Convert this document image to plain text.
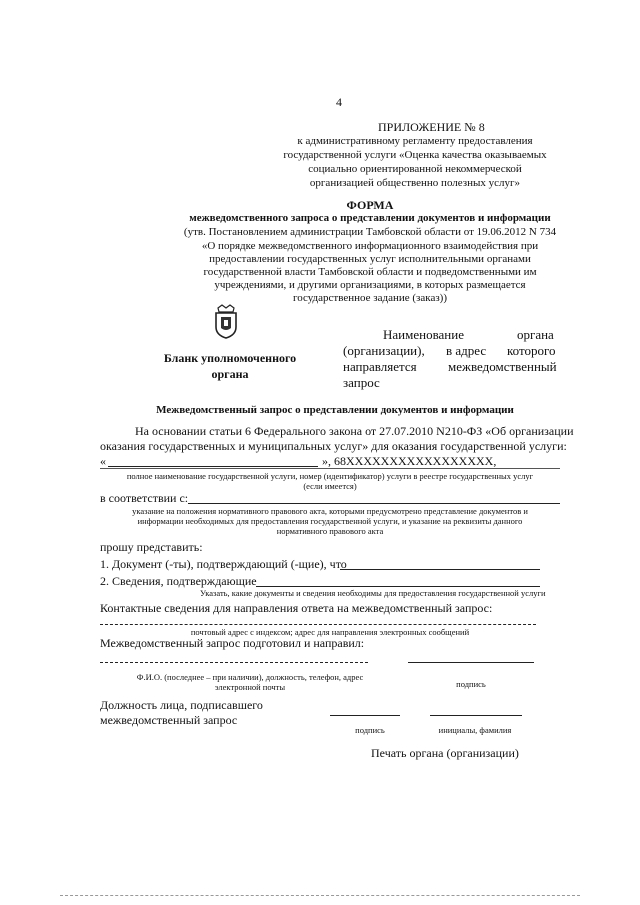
4
ПРИЛОЖЕНИЕ № 8
к административному регламенту предоставления
государственной услуги «Оценка качества оказываемых
социально ориентированной некоммерческой
организацией общественно полезных услуг»
ФОРМА
межведомственного запроса о представлении документов и информации
(утв. Постановлением администрации Тамбовской области от 19.06.2012 N 734
«О порядке межведомственного информационного взаимодействия при
предоставлении государственных услуг исполнительными органами
государственной власти Тамбовской области и подведомственными им
учреждениями, и другими организациями, в которых размещается
государственное задание (заказ))
Бланк уполномоченного
органа
Наименование	органа
(организации), в адрес которого
направляется межведомственный
запрос
Межведомственный запрос о представлении документов и информации
На основании статьи 6 Федерального закона от 27.07.2010 N210-ФЗ «Об организации
оказания государственных и муниципальных услуг» для оказания государственной услуги:
«	», 68XXXXXXXXXXXXXXXXX,
полное наименование государственной услуги, номер (идентификатор) услуги в реестре государственных услуг
(если имеется)
в соответствии с:
указание на положения нормативного правового акта, которыми предусмотрено представление документов и
информации необходимых для предоставления государственной услуги, и указание на реквизиты данного
нормативного правового акта
прошу представить:
1. Документ (-ты), подтверждающий (-щие), что
2. Сведения, подтверждающие
Указать, какие документы и сведения необходимы для предоставления государственной услуги
Контактные сведения для направления ответа на межведомственный запрос:
почтовый адрес с индексом; адрес для направления электронных сообщений
Межведомственный запрос подготовил и направил:
Ф.И.О. (последнее – при наличии), должность, телефон, адрес
электронной почты	подпись
Должность лица, подписавшего
межведомственный запрос
подпись	инициалы, фамилия
Печать органа (организации)
